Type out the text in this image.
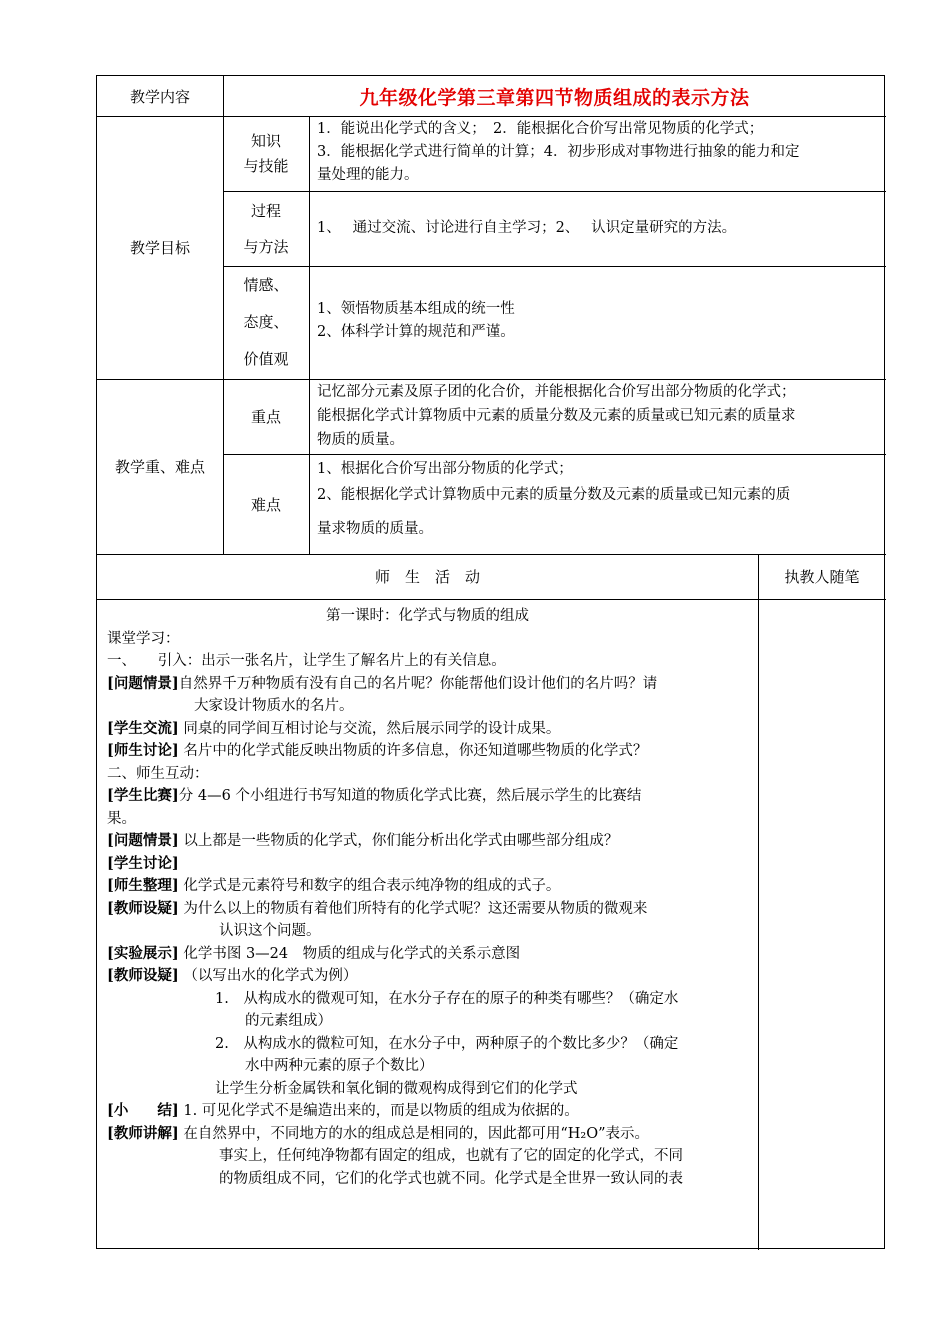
教学内容	九年级化学第三章第四节物质组成的表示方法
教学目标
知识
与技能
1．能说出化学式的含义；　2．能根据化合价写出常见物质的化学式；
3．能根据化学式进行简单的计算；4．初步形成对事物进行抽象的能力和定
量处理的能力。
过程
与方法
1、　 通过交流、讨论进行自主学习；2、　 认识定量研究的方法。
情感、
态度、
价值观
1、领悟物质基本组成的统一性
2、体科学计算的规范和严谨。
教学重、难点
重点
记忆部分元素及原子团的化合价，并能根据化合价写出部分物质的化学式；
能根据化学式计算物质中元素的质量分数及元素的质量或已知元素的质量求
物质的质量。
难点
1、根据化合价写出部分物质的化学式；
2、能根据化学式计算物质中元素的质量分数及元素的质量或已知元素的质
量求物质的质量。
师　生　活　动	执教人随笔
第一课时：化学式与物质的组成
课堂学习：
一、　　引入：出示一张名片，让学生了解名片上的有关信息。
[问题情景]自然界千万种物质有没有自己的名片呢？你能帮他们设计他们的名片吗？请
大家设计物质水的名片。
[学生交流] 同桌的同学间互相讨论与交流，然后展示同学的设计成果。
[师生讨论] 名片中的化学式能反映出物质的许多信息，你还知道哪些物质的化学式？
二、师生互动：
[学生比赛]分 4—6 个小组进行书写知道的物质化学式比赛，然后展示学生的比赛结
果。
[问题情景] 以上都是一些物质的化学式，你们能分析出化学式由哪些部分组成？
[学生讨论]
[师生整理] 化学式是元素符号和数字的组合表示纯净物的组成的式子。
[教师设疑] 为什么以上的物质有着他们所特有的化学式呢？这还需要从物质的微观来
认识这个问题。
[实验展示] 化学书图 3—24　物质的组成与化学式的关系示意图
[教师设疑] （以写出水的化学式为例）
1.　从构成水的微观可知，在水分子存在的原子的种类有哪些？（确定水
的元素组成）
2.　从构成水的微粒可知，在水分子中，两种原子的个数比多少？（确定
水中两种元素的原子个数比）
让学生分析金属铁和氧化铜的微观构成得到它们的化学式
[小　　结] 1. 可见化学式不是编造出来的，而是以物质的组成为依据的。
[教师讲解] 在自然界中，不同地方的水的组成总是相同的，因此都可用“H₂O”表示。
事实上，任何纯净物都有固定的组成，也就有了它的固定的化学式，不同
的物质组成不同，它们的化学式也就不同。化学式是全世界一致认同的表
